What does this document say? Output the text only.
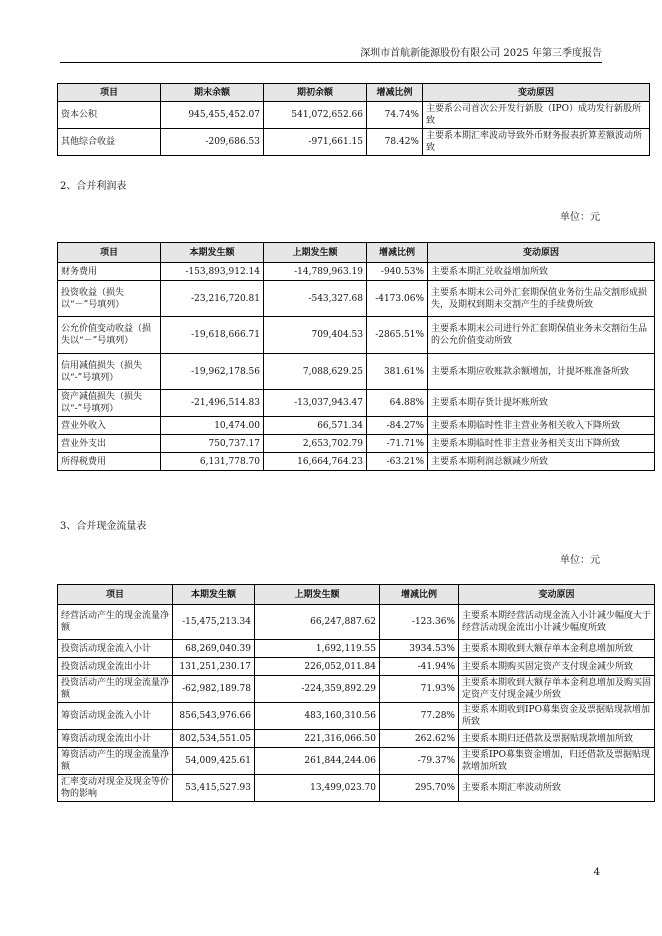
深圳市首航新能源股份有限公司 2025 年第三季度报告
项目	期末余额	期初余额	增减比例	变动原因
资本公积	945,455,452.07	541,072,652.66	74.74%	主要系公司首次公开发行新股（IPO）成功发行新股所致
其他综合收益	-209,686.53	-971,661.15	78.42%	主要系本期汇率波动导致外币财务报表折算差额波动所致
2、合并利润表
单位：元
项目	本期发生额	上期发生额	增减比例	变动原因
财务费用	-153,893,912.14	-14,789,963.19	-940.53%	主要系本期汇兑收益增加所致
投资收益（损失以“－”号填列）	-23,216,720.81	-543,327.68	-4173.06%	主要系本期末公司外汇套期保值业务衍生品交割形成损失，及期权到期未交割产生的手续费所致
公允价值变动收益（损失以“－”号填列）	-19,618,666.71	709,404.53	-2865.51%	主要系本期末公司进行外汇套期保值业务未交割衍生品的公允价值变动所致
信用减值损失（损失以“-”号填列）	-19,962,178.56	7,088,629.25	381.61%	主要系本期应收账款余额增加，计提坏账准备所致
资产减值损失（损失以“-”号填列）	-21,496,514.83	-13,037,943.47	64.88%	主要系本期存货计提坏账所致
营业外收入	10,474.00	66,571.34	-84.27%	主要系本期临时性非主营业务相关收入下降所致
营业外支出	750,737.17	2,653,702.79	-71.71%	主要系本期临时性非主营业务相关支出下降所致
所得税费用	6,131,778.70	16,664,764.23	-63.21%	主要系本期利润总额减少所致
3、合并现金流量表
单位：元
项目	本期发生额	上期发生额	增减比例	变动原因
经营活动产生的现金流量净额	-15,475,213.34	66,247,887.62	-123.36%	主要系本期经营活动现金流入小计减少幅度大于经营活动现金流出小计减少幅度所致
投资活动现金流入小计	68,269,040.39	1,692,119.55	3934.53%	主要系本期收到大额存单本金利息增加所致
投资活动现金流出小计	131,251,230.17	226,052,011.84	-41.94%	主要系本期购买固定资产支付现金减少所致
投资活动产生的现金流量净额	-62,982,189.78	-224,359,892.29	71.93%	主要系本期收到大额存单本金利息增加及购买固定资产支付现金减少所致
筹资活动现金流入小计	856,543,976.66	483,160,310.56	77.28%	主要系本期收到IPO募集资金及票据贴现款增加所致
筹资活动现金流出小计	802,534,551.05	221,316,066.50	262.62%	主要系本期归还借款及票据贴现款增加所致
筹资活动产生的现金流量净额	54,009,425.61	261,844,244.06	-79.37%	主要系IPO募集资金增加，归还借款及票据贴现款增加所致
汇率变动对现金及现金等价物的影响	53,415,527.93	13,499,023.70	295.70%	主要系本期汇率波动所致
4
